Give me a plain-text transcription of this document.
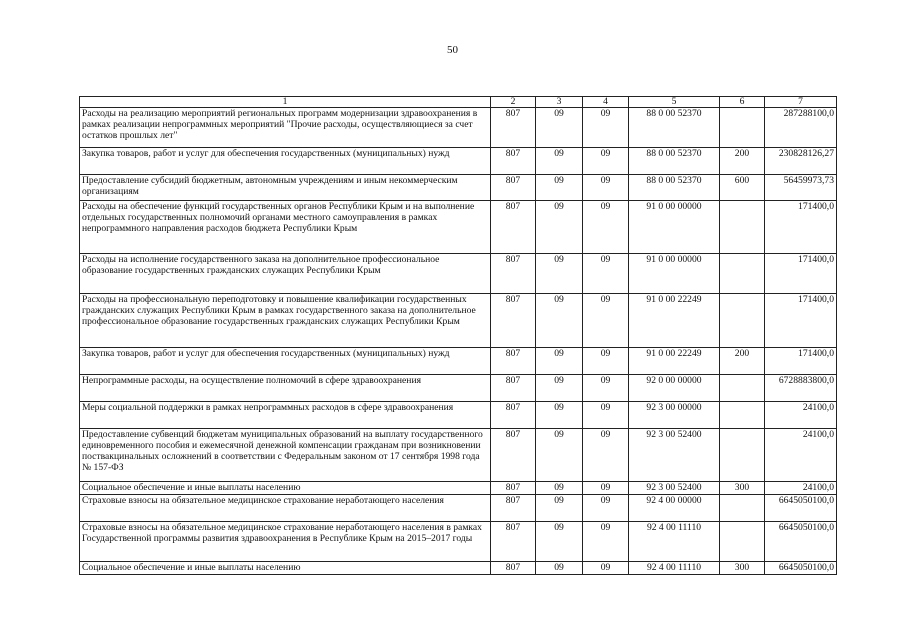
50
1	2	3	4	5	6	7
Расходы на реализацию мероприятий региональных программ модернизации здравоохранения в рамках реализации непрограммных мероприятий "Прочие расходы, осуществляющиеся за счет остатков прошлых лет"	807	09	09	88 0 00 52370		287288100,0
Закупка товаров, работ и услуг для обеспечения государственных (муниципальных) нужд	807	09	09	88 0 00 52370	200	230828126,27
Предоставление субсидий бюджетным, автономным учреждениям и иным некоммерческим организациям	807	09	09	88 0 00 52370	600	56459973,73
Расходы на обеспечение функций государственных органов Республики Крым и на выполнение отдельных государственных полномочий органами местного самоуправления в рамках непрограммного направления расходов бюджета Республики Крым	807	09	09	91 0 00 00000		171400,0
Расходы на исполнение государственного заказа на дополнительное профессиональное образование государственных гражданских служащих Республики Крым	807	09	09	91 0 00 00000		171400,0
Расходы на профессиональную переподготовку и повышение квалификации государственных гражданских служащих Республики Крым в рамках государственного заказа на дополнительное профессиональное образование государственных гражданских служащих Республики Крым	807	09	09	91 0 00 22249		171400,0
Закупка товаров, работ и услуг для обеспечения государственных (муниципальных) нужд	807	09	09	91 0 00 22249	200	171400,0
Непрограммные расходы, на осуществление полномочий в сфере здравоохранения	807	09	09	92 0 00 00000		6728883800,0
Меры социальной поддержки в рамках непрограммных расходов в сфере здравоохранения	807	09	09	92 3 00 00000		24100,0
Предоставление субвенций бюджетам муниципальных образований на выплату государственного единовременного пособия и ежемесячной денежной компенсации гражданам при возникновении поствакцинальных осложнений в соответствии с Федеральным законом от 17 сентября 1998 года № 157-ФЗ	807	09	09	92 3 00 52400		24100,0
Социальное обеспечение и иные выплаты населению	807	09	09	92 3 00 52400	300	24100,0
Страховые взносы на обязательное медицинское страхование неработающего населения	807	09	09	92 4 00 00000		6645050100,0
Страховые взносы на обязательное медицинское страхование неработающего населения в рамках Государственной программы развития здравоохранения в Республике Крым на 2015–2017 годы	807	09	09	92 4 00 11110		6645050100,0
Социальное обеспечение и иные выплаты населению	807	09	09	92 4 00 11110	300	6645050100,0
